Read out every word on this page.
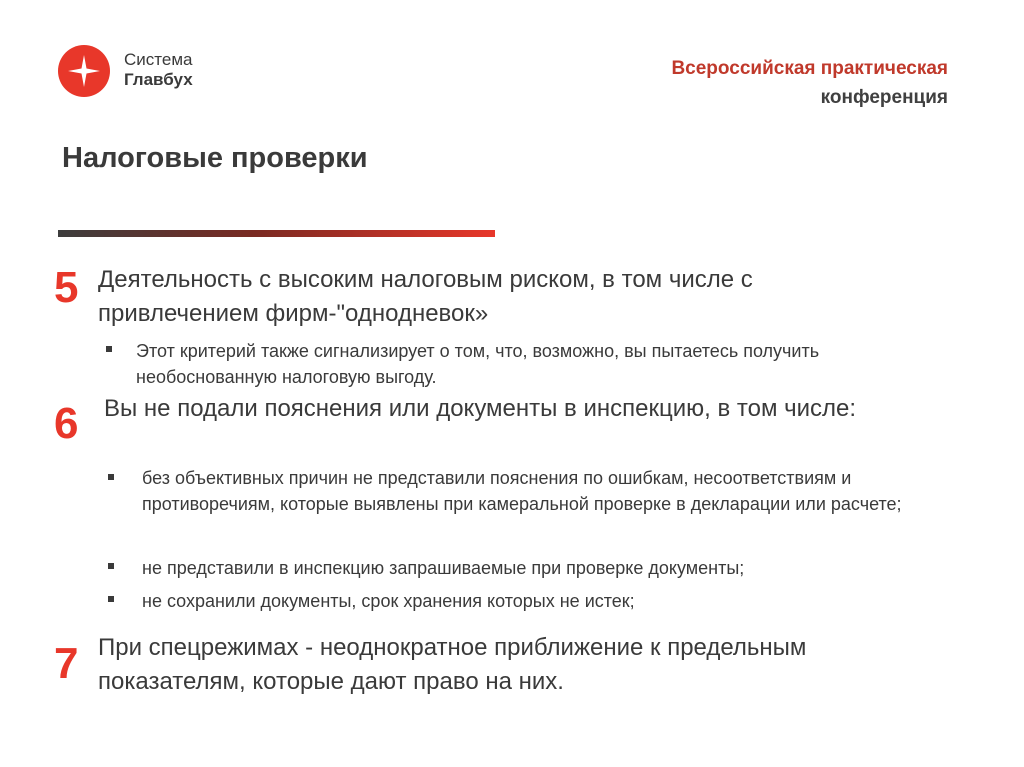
Система
Главбух
Всероссийская практическая
конференция
Налоговые проверки
5 Деятельность с высоким налоговым риском, в том числе с привлечением фирм-"однодневок»
Этот критерий также сигнализирует о том, что, возможно, вы пытаетесь получить необоснованную налоговую выгоду.
6 Вы не подали пояснения или документы в инспекцию, в том числе:
без объективных причин не представили пояснения по ошибкам, несоответствиям и противоречиям, которые выявлены при камеральной проверке в декларации или расчете;
не представили в инспекцию запрашиваемые при проверке документы;
не сохранили документы, срок хранения которых не истек;
7 При спецрежимах - неоднократное приближение к предельным показателям, которые дают право на них.
